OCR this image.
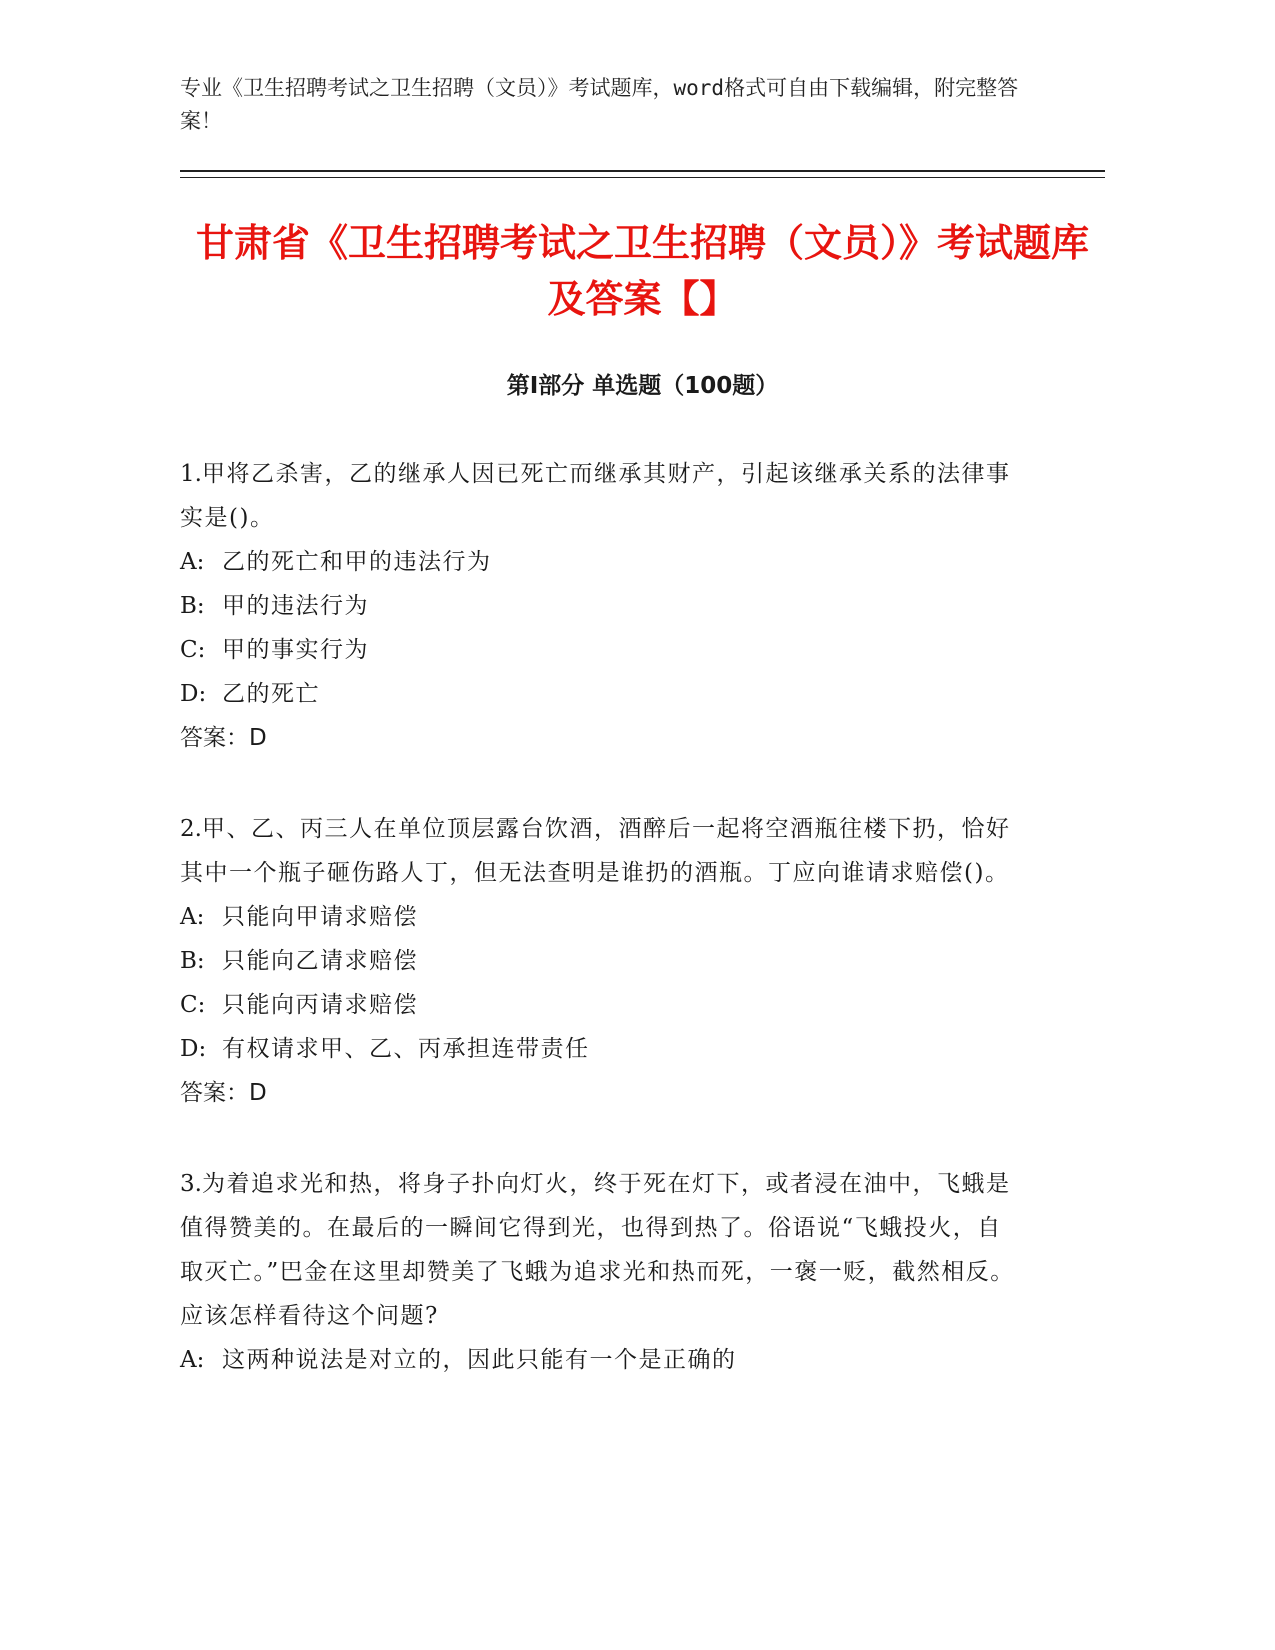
专业《卫生招聘考试之卫生招聘（文员）》考试题库，word格式可自由下载编辑，附完整答案！

甘肃省《卫生招聘考试之卫生招聘（文员）》考试题库及答案【】
第Ⅰ部分 单选题（100题）

1.甲将乙杀害，乙的继承人因已死亡而继承其财产，引起该继承关系的法律事实是()。

A: 乙的死亡和甲的违法行为

B: 甲的违法行为

C: 甲的事实行为

D: 乙的死亡

答案：D

2.甲、乙、丙三人在单位顶层露台饮酒，酒醉后一起将空酒瓶往楼下扔，恰好其中一个瓶子砸伤路人丁，但无法查明是谁扔的酒瓶。丁应向谁请求赔偿()。

A: 只能向甲请求赔偿

B: 只能向乙请求赔偿

C: 只能向丙请求赔偿

D: 有权请求甲、乙、丙承担连带责任

答案：D

3.为着追求光和热，将身子扑向灯火，终于死在灯下，或者浸在油中，飞蛾是值得赞美的。在最后的一瞬间它得到光，也得到热了。俗语说“飞蛾投火，自取灭亡。”巴金在这里却赞美了飞蛾为追求光和热而死，一褒一贬，截然相反。应该怎样看待这个问题?

A: 这两种说法是对立的，因此只能有一个是正确的
